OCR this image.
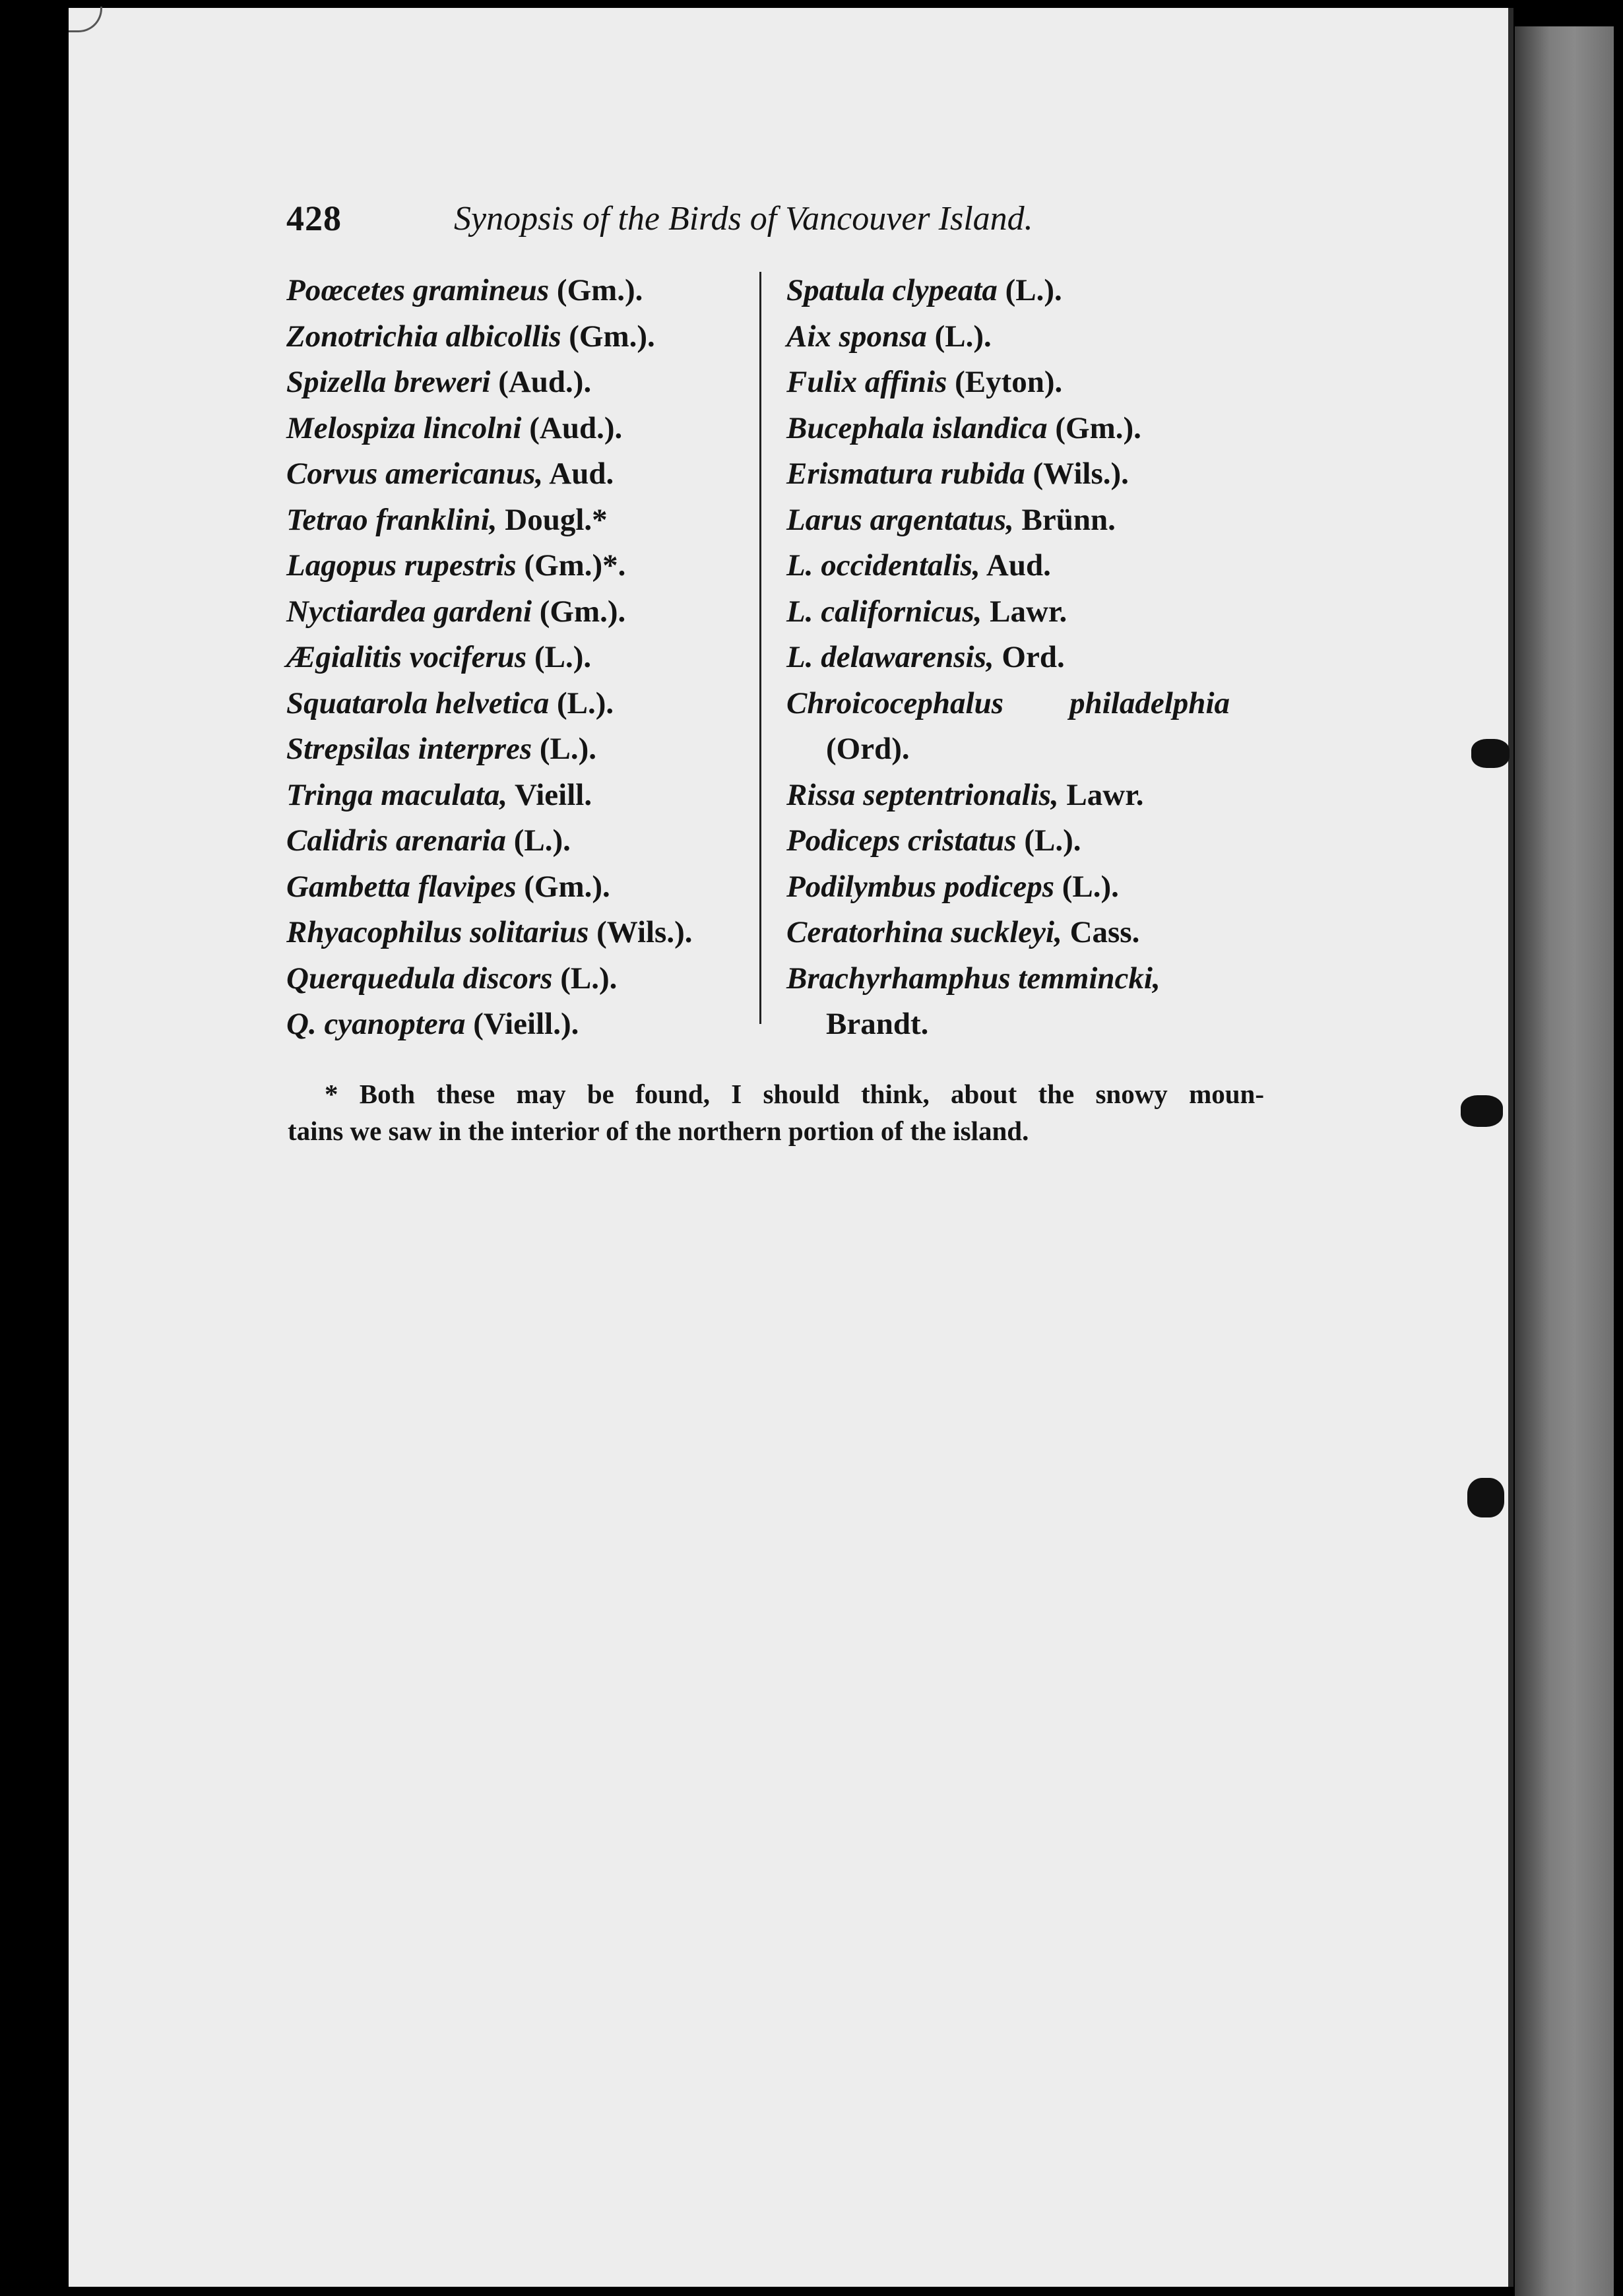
428	Synopsis of the Birds of Vancouver Island.
Poœcetes gramineus (Gm.).
Zonotrichia albicollis (Gm.).
Spizella breweri (Aud.).
Melospiza lincolni (Aud.).
Corvus americanus, Aud.
Tetrao franklini, Dougl.*
Lagopus rupestris (Gm.)*.
Nyctiardea gardeni (Gm.).
Ægialitis vociferus (L.).
Squatarola helvetica (L.).
Strepsilas interpres (L.).
Tringa maculata, Vieill.
Calidris arenaria (L.).
Gambetta flavipes (Gm.).
Rhyacophilus solitarius (Wils.).
Querquedula discors (L.).
Q. cyanoptera (Vieill.).
Spatula clypeata (L.).
Aix sponsa (L.).
Fulix affinis (Eyton).
Bucephala islandica (Gm.).
Erismatura rubida (Wils.).
Larus argentatus, Brünn.
L. occidentalis, Aud.
L. californicus, Lawr.
L. delawarensis, Ord.
Chroicocephalus philadelphia
(Ord).
Rissa septentrionalis, Lawr.
Podiceps cristatus (L.).
Podilymbus podiceps (L.).
Ceratorhina suckleyi, Cass.
Brachyrhamphus temmincki,
Brandt.
* Both these may be found, I should think, about the snowy moun-
tains we saw in the interior of the northern portion of the island.
